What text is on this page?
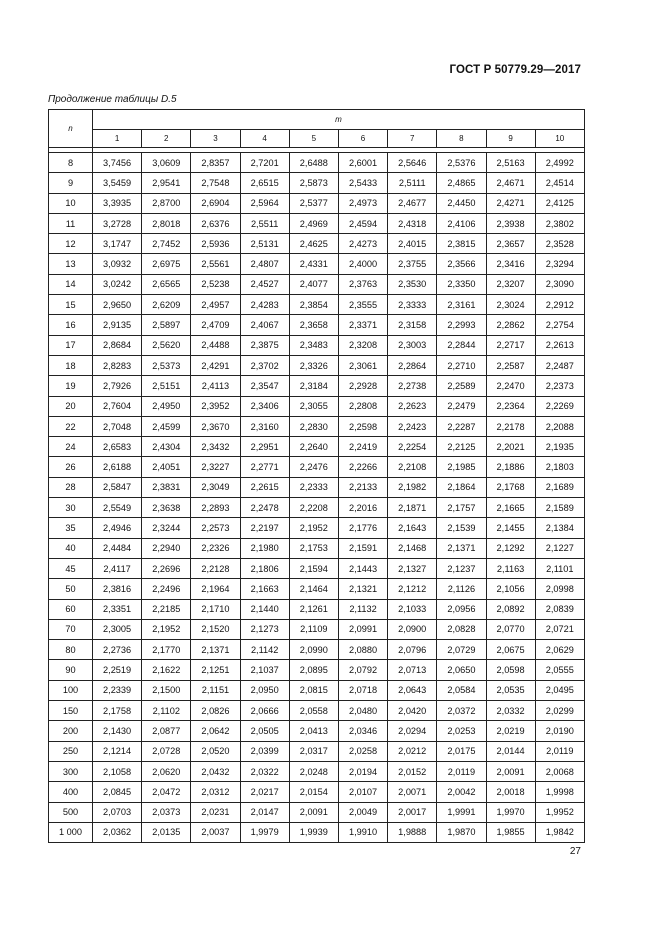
ГОСТ Р 50779.29—2017
Продолжение таблицы D.5
n	m									
	1	2	3	4	5	6	7	8	9	10

8	3,7456	3,0609	2,8357	2,7201	2,6488	2,6001	2,5646	2,5376	2,5163	2,4992
9	3,5459	2,9541	2,7548	2,6515	2,5873	2,5433	2,5111	2,4865	2,4671	2,4514
10	3,3935	2,8700	2,6904	2,5964	2,5377	2,4973	2,4677	2,4450	2,4271	2,4125
11	3,2728	2,8018	2,6376	2,5511	2,4969	2,4594	2,4318	2,4106	2,3938	2,3802
12	3,1747	2,7452	2,5936	2,5131	2,4625	2,4273	2,4015	2,3815	2,3657	2,3528
13	3,0932	2,6975	2,5561	2,4807	2,4331	2,4000	2,3755	2,3566	2,3416	2,3294
14	3,0242	2,6565	2,5238	2,4527	2,4077	2,3763	2,3530	2,3350	2,3207	2,3090
15	2,9650	2,6209	2,4957	2,4283	2,3854	2,3555	2,3333	2,3161	2,3024	2,2912
16	2,9135	2,5897	2,4709	2,4067	2,3658	2,3371	2,3158	2,2993	2,2862	2,2754
17	2,8684	2,5620	2,4488	2,3875	2,3483	2,3208	2,3003	2,2844	2,2717	2,2613
18	2,8283	2,5373	2,4291	2,3702	2,3326	2,3061	2,2864	2,2710	2,2587	2,2487
19	2,7926	2,5151	2,4113	2,3547	2,3184	2,2928	2,2738	2,2589	2,2470	2,2373
20	2,7604	2,4950	2,3952	2,3406	2,3055	2,2808	2,2623	2,2479	2,2364	2,2269
22	2,7048	2,4599	2,3670	2,3160	2,2830	2,2598	2,2423	2,2287	2,2178	2,2088
24	2,6583	2,4304	2,3432	2,2951	2,2640	2,2419	2,2254	2,2125	2,2021	2,1935
26	2,6188	2,4051	2,3227	2,2771	2,2476	2,2266	2,2108	2,1985	2,1886	2,1803
28	2,5847	2,3831	2,3049	2,2615	2,2333	2,2133	2,1982	2,1864	2,1768	2,1689
30	2,5549	2,3638	2,2893	2,2478	2,2208	2,2016	2,1871	2,1757	2,1665	2,1589
35	2,4946	2,3244	2,2573	2,2197	2,1952	2,1776	2,1643	2,1539	2,1455	2,1384
40	2,4484	2,2940	2,2326	2,1980	2,1753	2,1591	2,1468	2,1371	2,1292	2,1227
45	2,4117	2,2696	2,2128	2,1806	2,1594	2,1443	2,1327	2,1237	2,1163	2,1101
50	2,3816	2,2496	2,1964	2,1663	2,1464	2,1321	2,1212	2,1126	2,1056	2,0998
60	2,3351	2,2185	2,1710	2,1440	2,1261	2,1132	2,1033	2,0956	2,0892	2,0839
70	2,3005	2,1952	2,1520	2,1273	2,1109	2,0991	2,0900	2,0828	2,0770	2,0721
80	2,2736	2,1770	2,1371	2,1142	2,0990	2,0880	2,0796	2,0729	2,0675	2,0629
90	2,2519	2,1622	2,1251	2,1037	2,0895	2,0792	2,0713	2,0650	2,0598	2,0555
100	2,2339	2,1500	2,1151	2,0950	2,0815	2,0718	2,0643	2,0584	2,0535	2,0495
150	2,1758	2,1102	2,0826	2,0666	2,0558	2,0480	2,0420	2,0372	2,0332	2,0299
200	2,1430	2,0877	2,0642	2,0505	2,0413	2,0346	2,0294	2,0253	2,0219	2,0190
250	2,1214	2,0728	2,0520	2,0399	2,0317	2,0258	2,0212	2,0175	2,0144	2,0119
300	2,1058	2,0620	2,0432	2,0322	2,0248	2,0194	2,0152	2,0119	2,0091	2,0068
400	2,0845	2,0472	2,0312	2,0217	2,0154	2,0107	2,0071	2,0042	2,0018	1,9998
500	2,0703	2,0373	2,0231	2,0147	2,0091	2,0049	2,0017	1,9991	1,9970	1,9952
1 000	2,0362	2,0135	2,0037	1,9979	1,9939	1,9910	1,9888	1,9870	1,9855	1,9842
27
